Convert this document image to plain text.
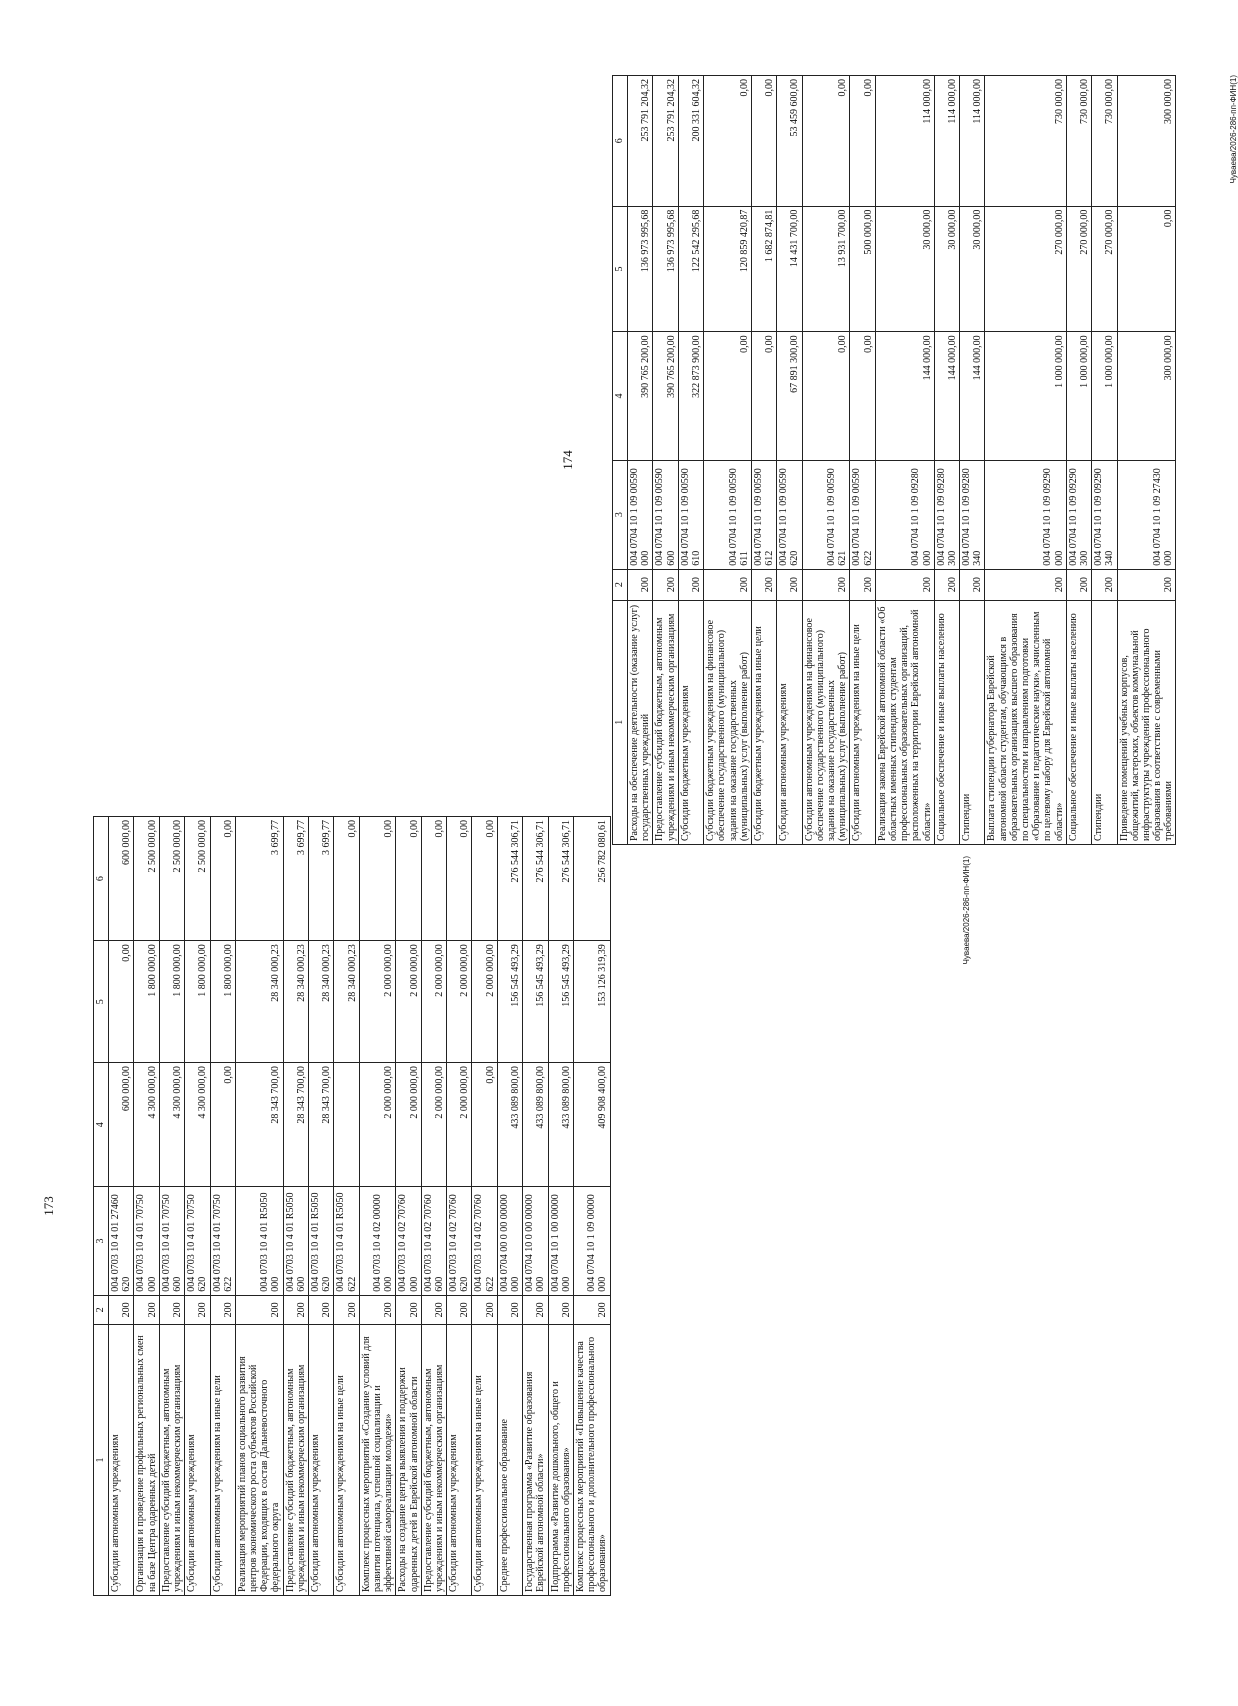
173
1	2	3	4	5	6
Субсидии автономным учреждениям	200	004 0703 10 4 01 27460 620	600 000,00	0,00	600 000,00
Организация и проведение профильных региональных смен на базе Центра одаренных детей	200	004 0703 10 4 01 70750 000	4 300 000,00	1 800 000,00	2 500 000,00
Предоставление субсидий бюджетным, автономным учреждениям и иным некоммерческим организациям	200	004 0703 10 4 01 70750 600	4 300 000,00	1 800 000,00	2 500 000,00
Субсидии автономным учреждениям	200	004 0703 10 4 01 70750 620	4 300 000,00	1 800 000,00	2 500 000,00
Субсидии автономным учреждениям на иные цели	200	004 0703 10 4 01 70750 622	0,00	1 800 000,00	0,00
Реализация мероприятий планов социального развития центров экономического роста субъектов Российской Федерации, входящих в состав Дальневосточного федерального округа	200	004 0703 10 4 01 R5050 000	28 343 700,00	28 340 000,23	3 699,77
Предоставление субсидий бюджетным, автономным учреждениям и иным некоммерческим организациям	200	004 0703 10 4 01 R5050 600	28 343 700,00	28 340 000,23	3 699,77
Субсидии автономным учреждениям	200	004 0703 10 4 01 R5050 620	28 343 700,00	28 340 000,23	3 699,77
Субсидии автономным учреждениям на иные цели	200	004 0703 10 4 01 R5050 622		28 340 000,23	0,00
Комплекс процессных мероприятий «Создание условий для развития потенциала, успешной социализации и эффективной самореализации молодежи»	200	004 0703 10 4 02 00000 000	2 000 000,00	2 000 000,00	0,00
Расходы на создание центра выявления и поддержки одаренных детей в Еврейской автономной области	200	004 0703 10 4 02 70760 000	2 000 000,00	2 000 000,00	0,00
Предоставление субсидий бюджетным, автономным учреждениям и иным некоммерческим организациям	200	004 0703 10 4 02 70760 600	2 000 000,00	2 000 000,00	0,00
Субсидии автономным учреждениям	200	004 0703 10 4 02 70760 620	2 000 000,00	2 000 000,00	0,00
Субсидии автономным учреждениям на иные цели	200	004 0703 10 4 02 70760 622	0,00	2 000 000,00	0,00
Среднее профессиональное образование	200	004 0704 00 0 00 00000 000	433 089 800,00	156 545 493,29	276 544 306,71
Государственная программа «Развитие образования Еврейской автономной области»	200	004 0704 10 0 00 00000 000	433 089 800,00	156 545 493,29	276 544 306,71
Подпрограмма «Развитие дошкольного, общего и профессионального образования»	200	004 0704 10 1 00 00000 000	433 089 800,00	156 545 493,29	276 544 306,71
Комплекс процессных мероприятий «Повышение качества профессионального и дополнительного профессионального образования»	200	004 0704 10 1 09 00000 000	409 908 400,00	153 126 319,39	256 782 080,61
Чуваева/2026-286-пп-ФИН(1)
174
1	2	3	4	5	6
Расходы на обеспечение деятельности (оказание услуг) государственных учреждений	200	004 0704 10 1 09 00590 000	390 765 200,00	136 973 995,68	253 791 204,32
Предоставление субсидий бюджетным, автономным учреждениям и иным некоммерческим организациям	200	004 0704 10 1 09 00590 600	390 765 200,00	136 973 995,68	253 791 204,32
Субсидии бюджетным учреждениям	200	004 0704 10 1 09 00590 610	322 873 900,00	122 542 295,68	200 331 604,32
Субсидии бюджетным учреждениям на финансовое обеспечение государственного (муниципального) задания на оказание государственных (муниципальных) услуг (выполнение работ)	200	004 0704 10 1 09 00590 611	0,00	120 859 420,87	0,00
Субсидии бюджетным учреждениям на иные цели	200	004 0704 10 1 09 00590 612	0,00	1 682 874,81	0,00
Субсидии автономным учреждениям	200	004 0704 10 1 09 00590 620	67 891 300,00	14 431 700,00	53 459 600,00
Субсидии автономным учреждениям на финансовое обеспечение государственного (муниципального) задания на оказание государственных (муниципальных) услуг (выполнение работ)	200	004 0704 10 1 09 00590 621	0,00	13 931 700,00	0,00
Субсидии автономным учреждениям на иные цели	200	004 0704 10 1 09 00590 622	0,00	500 000,00	0,00
Реализация закона Еврейской автономной области «Об областных именных стипендиях студентам профессиональных образовательных организаций, расположенных на территории Еврейской автономной области»	200	004 0704 10 1 09 09280 000	144 000,00	30 000,00	114 000,00
Социальное обеспечение и иные выплаты населению	200	004 0704 10 1 09 09280 300	144 000,00	30 000,00	114 000,00
Стипендии	200	004 0704 10 1 09 09280 340	144 000,00	30 000,00	114 000,00
Выплата стипендии губернатора Еврейской автономной области студентам, обучающимся в образовательных организациях высшего образования по специальностям и направлениям подготовки «Образование и педагогические науки», зачисленным по целевому набору для Еврейской автономной области»	200	004 0704 10 1 09 09290 000	1 000 000,00	270 000,00	730 000,00
Социальное обеспечение и иные выплаты населению	200	004 0704 10 1 09 09290 300	1 000 000,00	270 000,00	730 000,00
Стипендии	200	004 0704 10 1 09 09290 340	1 000 000,00	270 000,00	730 000,00
Приведение помещений учебных корпусов, общежитий, мастерских, объектов коммунальной инфраструктуры учреждений профессионального образования в соответствие с современными требованиями	200	004 0704 10 1 09 27430 000	300 000,00	0,00	300 000,00	Чуваева/2026-286-пп-ФИН(1)
